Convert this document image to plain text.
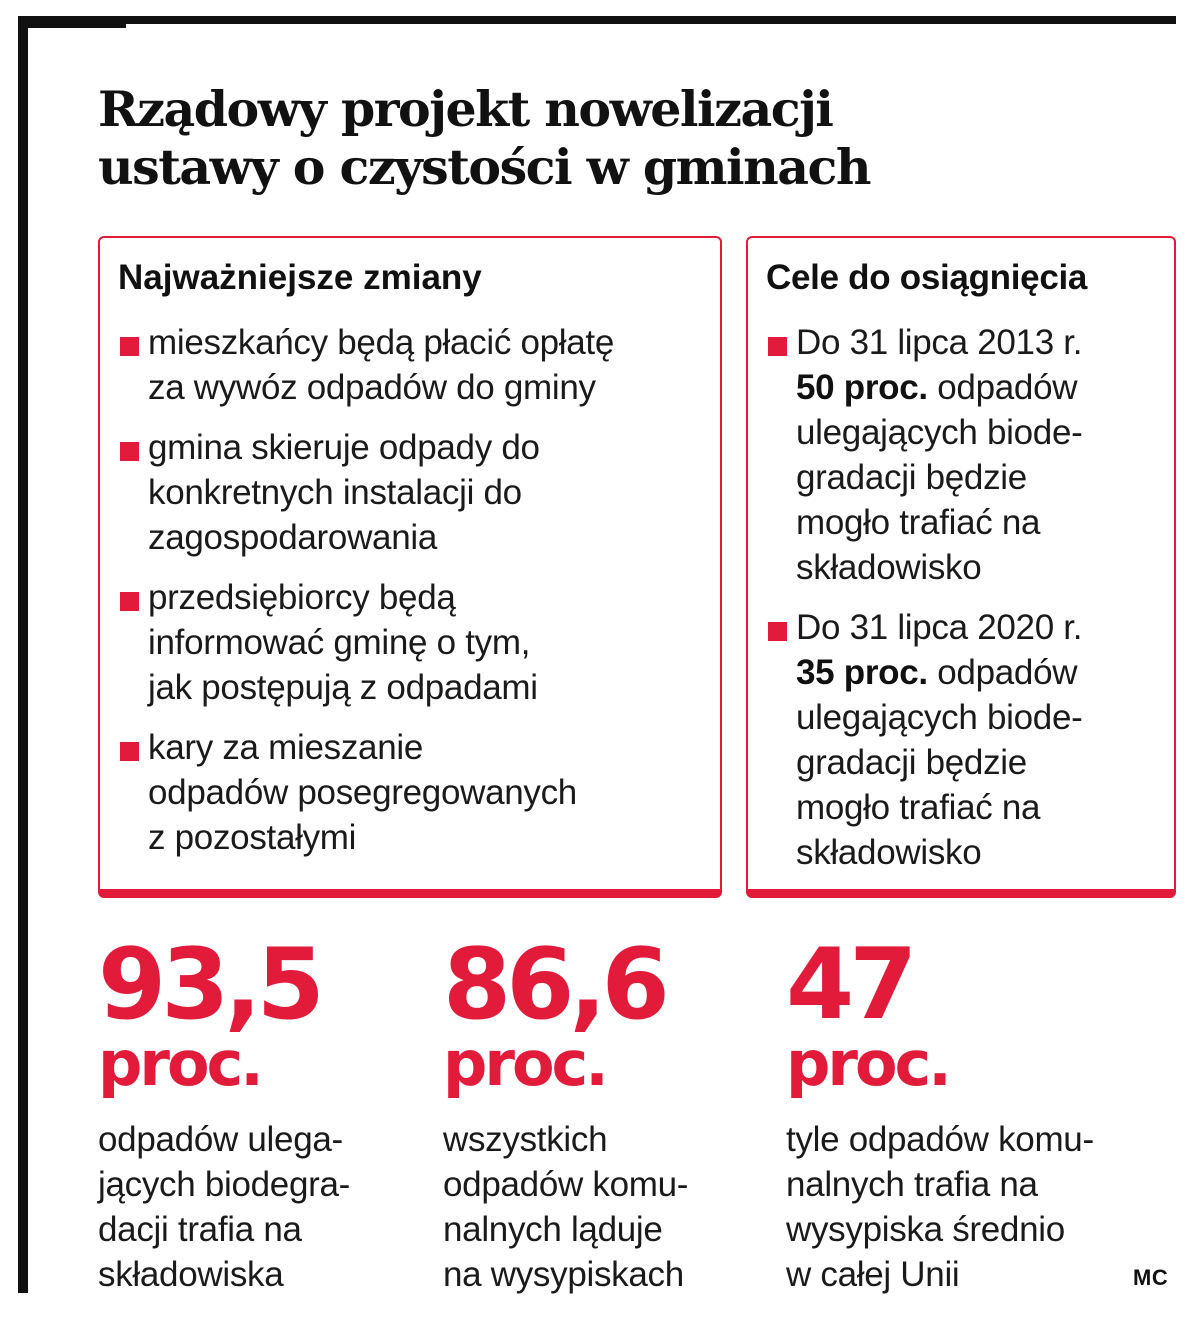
Rządowy projekt nowelizacji
ustawy o czystości w gminach
Najważniejsze zmiany
mieszkańcy będą płacić opłatę
za wywóz odpadów do gminy
gmina skieruje odpady do
konkretnych instalacji do
zagospodarowania
przedsiębiorcy będą
informować gminę o tym,
jak postępują z odpadami
kary za mieszanie
odpadów posegregowanych
z pozostałymi
Cele do osiągnięcia
Do 31 lipca 2013 r.
50 proc. odpadów
ulegających biode-
gradacji będzie
mogło trafiać na
składowisko
Do 31 lipca 2020 r.
35 proc. odpadów
ulegających biode-
gradacji będzie
mogło trafiać na
składowisko
93,5
proc.
odpadów ulega-
jących biodegra-
dacji trafia na
składowiska
86,6
proc.
wszystkich
odpadów komu-
nalnych ląduje
na wysypiskach
47
proc.
tyle odpadów komu-
nalnych trafia na
wysypiska średnio
w całej Unii	MC
